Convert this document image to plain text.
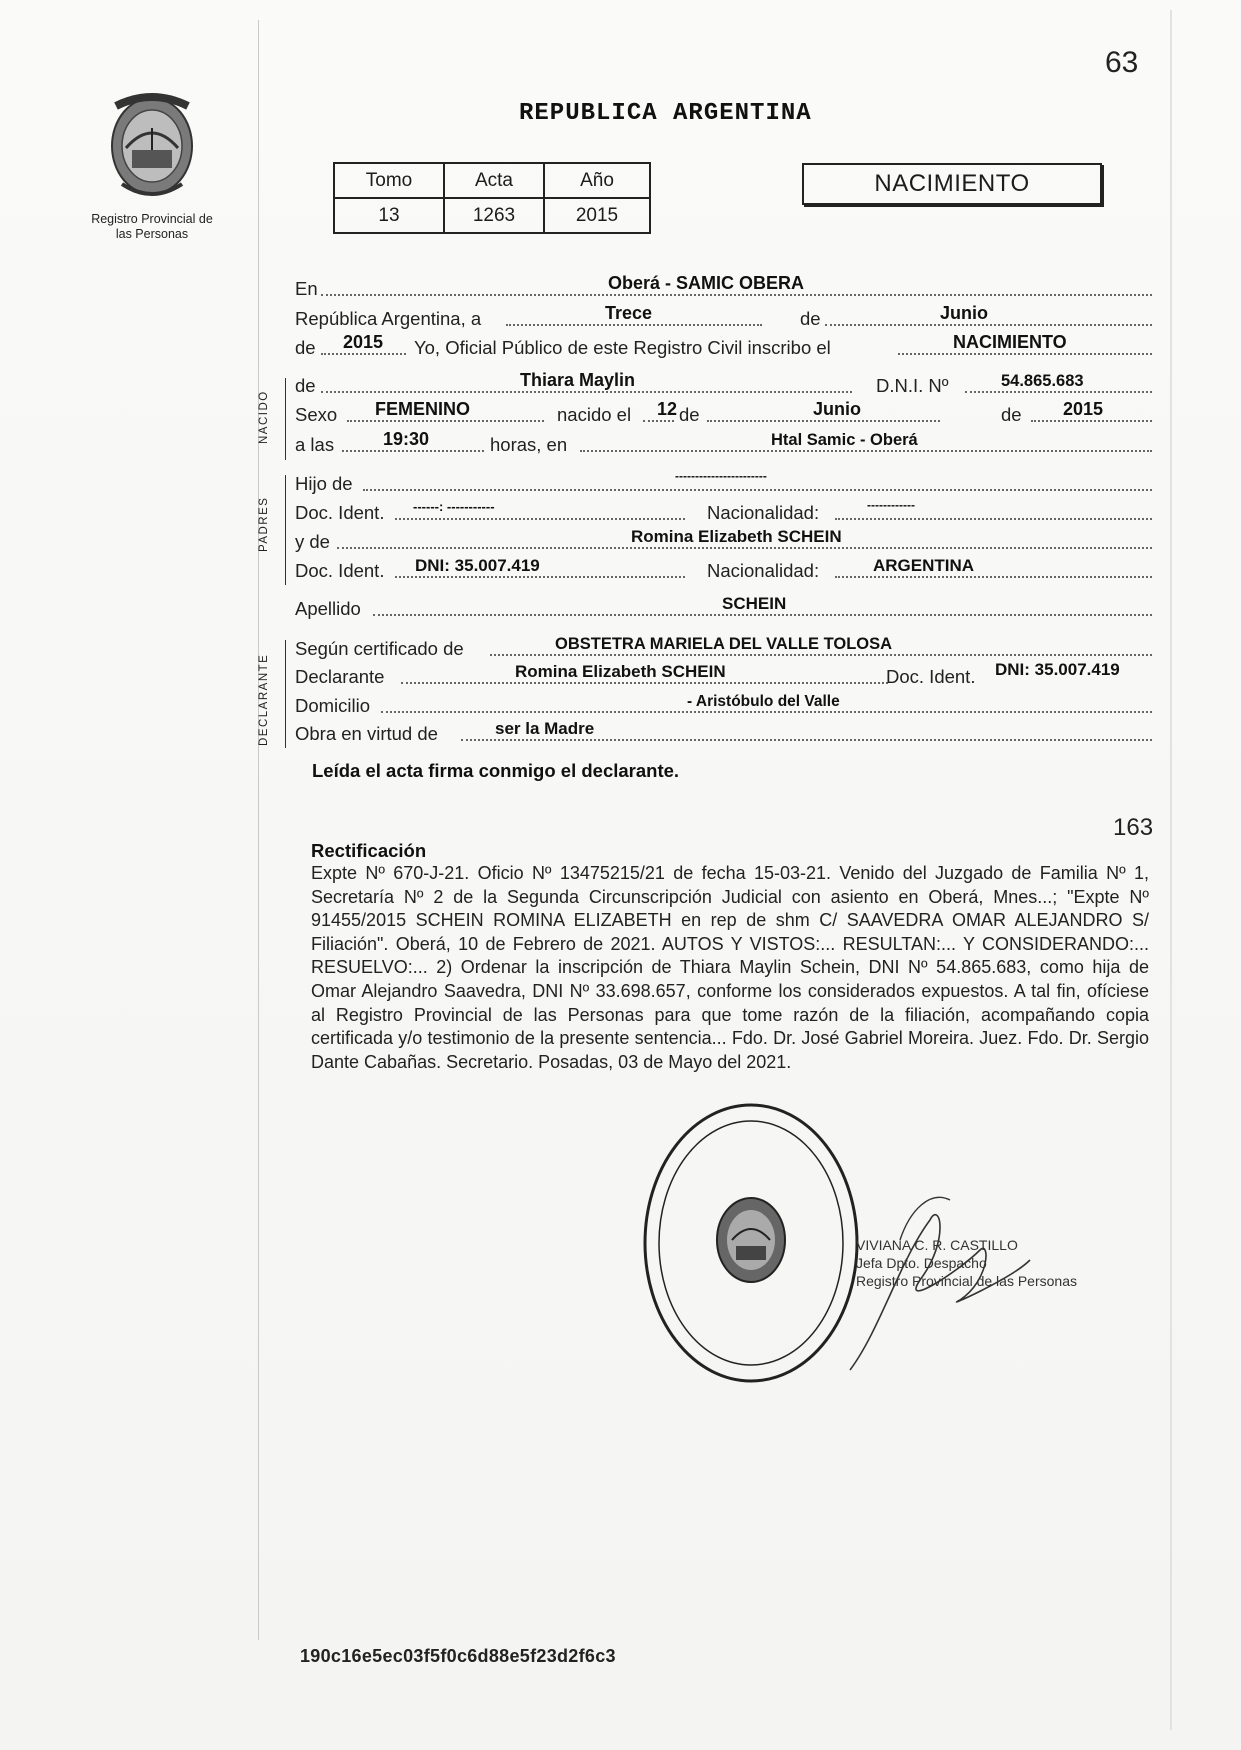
Registro Provincial de las Personas
63
REPUBLICA ARGENTINA
Tomo	Acta	Año
13	1263	2015
NACIMIENTO
En	Oberá - SAMIC OBERA
República Argentina, a	Trece	de	Junio
de 2015 Yo, Oficial Público de este Registro Civil inscribo el	NACIMIENTO
NACIDO
de	Thiara Maylin	D.N.I. Nº	54.865.683
Sexo FEMENINO	nacido el 12 de	Junio	de 2015
a las	19:30	horas, en	Htal Samic - Oberá
PADRES
Hijo de	-----------------------
Doc. Ident. ------: -----------	Nacionalidad:	------------
y de	Romina Elizabeth SCHEIN
Doc. Ident. DNI: 35.007.419	Nacionalidad:	ARGENTINA
Apellido	SCHEIN
DECLARANTE
Según certificado de	OBSTETRA MARIELA DEL VALLE TOLOSA
Declarante	Romina Elizabeth SCHEIN	Doc. Ident. DNI: 35.007.419
Domicilio	- Aristóbulo del Valle
Obra en virtud de	ser la Madre
Leída el acta firma conmigo el declarante.
163
Rectificación
Expte Nº 670-J-21. Oficio Nº 13475215/21 de fecha 15-03-21. Venido del Juzgado de Familia Nº 1, Secretaría Nº 2 de la Segunda Circunscripción Judicial con asiento en Oberá, Mnes...; "Expte Nº 91455/2015 SCHEIN ROMINA ELIZABETH en rep de shm C/ SAAVEDRA OMAR ALEJANDRO S/ Filiación". Oberá, 10 de Febrero de 2021. AUTOS Y VISTOS:... RESULTAN:... Y CONSIDERANDO:... RESUELVO:... 2) Ordenar la inscripción de Thiara Maylin Schein, DNI Nº 54.865.683, como hija de Omar Alejandro Saavedra, DNI Nº 33.698.657, conforme los considerados expuestos. A tal fin, ofíciese al Registro Provincial de las Personas para que tome razón de la filiación, acompañando copia certificada y/o testimonio de la presente sentencia... Fdo. Dr. José Gabriel Moreira. Juez. Fdo. Dr. Sergio Dante Cabañas. Secretario. Posadas, 03 de Mayo del 2021.
VIVIANA C. R. CASTILLO
Jefa Dpto. Despacho
Registro Provincial de las Personas
190c16e5ec03f5f0c6d88e5f23d2f6c3
